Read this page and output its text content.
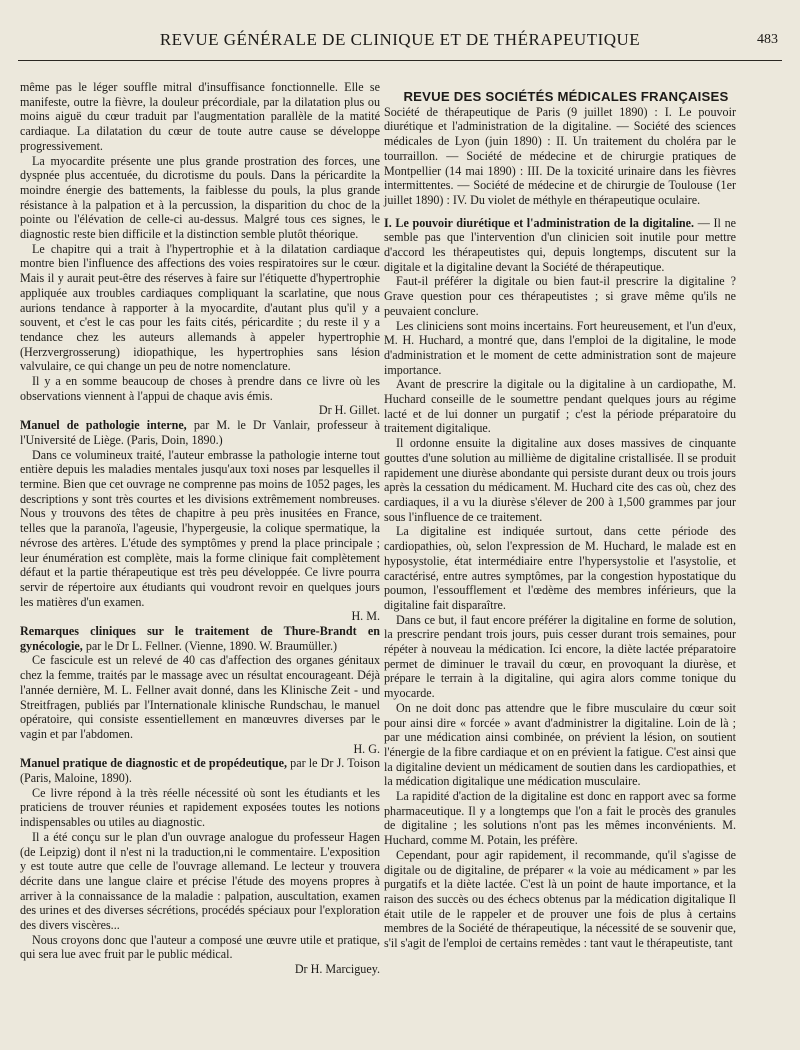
REVUE GÉNÉRALE DE CLINIQUE ET DE THÉRAPEUTIQUE	483

même pas le léger souffle mitral d'insuffisance fonctionnelle. Elle se manifeste, outre la fièvre, la douleur précordiale, par la dilatation plus ou moins aiguë du cœur traduit par l'augmentation parallèle de la matité cardiaque. La dilatation du cœur de toute autre cause se développe progressivement.

La myocardite présente une plus grande prostration des forces, une dyspnée plus accentuée, du dicrotisme du pouls. Dans la péricardite la moindre énergie des battements, la faiblesse du pouls, la plus grande résistance à la palpation et à la percussion, la disparition du choc de la pointe ou l'élévation de celle-ci au-dessus. Malgré tous ces signes, le diagnostic reste bien difficile et la distinction semble plutôt théorique.

Le chapitre qui a trait à l'hypertrophie et à la dilatation cardiaque montre bien l'influence des affections des voies respiratoires sur le cœur. Mais il y aurait peut-être des réserves à faire sur l'étiquette d'hypertrophie appliquée aux troubles cardiaques compliquant la scarlatine, que nous aurions tendance à rapporter à la myocardite, d'autant plus qu'il y a souvent, et c'est le cas pour les faits cités, péricardite ; du reste il y a tendance chez les auteurs allemands à appeler hypertrophie (Herzvergrosserung) idiopathique, les hypertrophies sans lésion valvulaire, ce qui change un peu de notre nomenclature.

Il y a en somme beaucoup de choses à prendre dans ce livre où les observations viennent à l'appui de chaque avis émis.

Dr H. Gillet.

Manuel de pathologie interne, par M. le Dr Vanlair, professeur à l'Université de Liège. (Paris, Doin, 1890.)

Dans ce volumineux traité, l'auteur embrasse la pathologie interne tout entière depuis les maladies mentales jusqu'aux toxi noses par lesquelles il termine. Bien que cet ouvrage ne comprenne pas moins de 1052 pages, les descriptions y sont très courtes et les divisions extrêmement nombreuses. Nous y trouvons des têtes de chapitre à peu près inusitées en France, telles que la paranoïa, l'ageusie, l'hypergeusie, la colique spermatique, la névrose des artères. L'étude des symptômes y prend la place principale ; leur énumération est complète, mais la forme clinique fait complètement défaut et la partie thérapeutique est très peu développée. Ce livre pourra servir de répertoire aux étudiants qui voudront revoir en quelques jours les matières d'un examen.

H. M.

Remarques cliniques sur le traitement de Thure-Brandt en gynécologie, par le Dr L. Fellner. (Vienne, 1890. W. Braumüller.)

Ce fascicule est un relevé de 40 cas d'affection des organes génitaux chez la femme, traités par le massage avec un résultat encourageant. Déjà l'année dernière, M. L. Fellner avait donné, dans les Klinische Zeit - und Streitfragen, publiés par l'Internationale klinische Rundschau, le manuel opératoire, qui consiste essentiellement en manœuvres diverses par le vagin et par l'abdomen.

H. G.

Manuel pratique de diagnostic et de propédeutique, par le Dr J. Toison (Paris, Maloine, 1890).

Ce livre répond à la très réelle nécessité où sont les étudiants et les praticiens de trouver réunies et rapidement exposées toutes les notions indispensables ou utiles au diagnostic.

Il a été conçu sur le plan d'un ouvrage analogue du professeur Hagen (de Leipzig) dont il n'est ni la traduction,ni le commentaire. L'exposition y est toute autre que celle de l'ouvrage allemand. Le lecteur y trouvera décrite dans une langue claire et précise l'étude des moyens propres à arriver à la connaissance de la maladie : palpation, auscultation, examen des urines et des diverses sécrétions, procédés spéciaux pour l'exploration des divers viscères...

Nous croyons donc que l'auteur a composé une œuvre utile et pratique, qui sera lue avec fruit par le public médical.

Dr H. Marciguey.

REVUE DES SOCIÉTÉS MÉDICALES FRANÇAISES

Société de thérapeutique de Paris (9 juillet 1890) : I. Le pouvoir diurétique et l'administration de la digitaline. — Société des sciences médicales de Lyon (juin 1890) : II. Un traitement du choléra par le tourraillon. — Société de médecine et de chirurgie pratiques de Montpellier (14 mai 1890) : III. De la toxicité urinaire dans les fièvres intermittentes. — Société de médecine et de chirurgie de Toulouse (1er juillet 1890) : IV. Du violet de méthyle en thérapeutique oculaire.

I. Le pouvoir diurétique et l'administration de la digitaline. — Il ne semble pas que l'intervention d'un clinicien soit inutile pour mettre d'accord les thérapeutistes qui, depuis longtemps, discutent sur la digitale et la digitaline devant la Société de thérapeutique.

Faut-il préférer la digitale ou bien faut-il prescrire la digitaline ? Grave question pour ces thérapeutistes ; si grave même qu'ils ne peuvaient conclure.

Les cliniciens sont moins incertains. Fort heureusement, et l'un d'eux, M. H. Huchard, a montré que, dans l'emploi de la digitaline, le mode d'administration et le moment de cette administration sont de majeure importance.

Avant de prescrire la digitale ou la digitaline à un cardiopathe, M. Huchard conseille de le soumettre pendant quelques jours au régime lacté et de lui donner un purgatif ; c'est la période préparatoire du traitement digitalique.

Il ordonne ensuite la digitaline aux doses massives de cinquante gouttes d'une solution au millième de digitaline cristallisée. Il se produit rapidement une diurèse abondante qui persiste durant deux ou trois jours après la cessation du médicament. M. Huchard cite des cas où, chez des cardiaques, il a vu la diurèse s'élever de 200 à 1,500 grammes par jour sous l'influence de ce traitement.

La digitaline est indiquée surtout, dans cette période des cardiopathies, où, selon l'expression de M. Huchard, le malade est en hyposystolie, état intermédiaire entre l'hypersystolie et l'asystolie, et caractérisé, entre autres symptômes, par la congestion hypostatique du poumon, l'essoufflement et l'œdème des membres inférieurs, que la digitaline fait disparaître.

Dans ce but, il faut encore préférer la digitaline en forme de solution, la prescrire pendant trois jours, puis cesser durant trois semaines, pour répéter à nouveau la médication. Ici encore, la diète lactée préparatoire permet de diminuer le travail du cœur, en provoquant la diurèse, et prépare le terrain à la digitaline, qui agira alors comme tonique du myocarde.

On ne doit donc pas attendre que le fibre musculaire du cœur soit pour ainsi dire « forcée » avant d'administrer la digitaline. Loin de là ; par une médication ainsi combinée, on prévient la lésion, on soutient l'énergie de la fibre cardiaque et on en prévient la fatigue. C'est ainsi que la digitaline devient un médicament de soutien dans les cardiopathies, et la médication digitalique une médication musculaire.

La rapidité d'action de la digitaline est donc en rapport avec sa forme pharmaceutique. Il y a longtemps que l'on a fait le procès des granules de digitaline ; les solutions n'ont pas les mêmes inconvénients. M. Huchard, comme M. Potain, les préfère.

Cependant, pour agir rapidement, il recommande, qu'il s'agisse de digitale ou de digitaline, de préparer « la voie au médicament » par les purgatifs et la diète lactée. C'est là un point de haute importance, et la raison des succès ou des échecs obtenus par la médication digitalique Il était utile de le rappeler et de prouver une fois de plus à certains membres de la Société de thérapeutique, la nécessité de se souvenir que, s'il s'agit de l'emploi de certains remèdes : tant vaut le thérapeutiste, tant
